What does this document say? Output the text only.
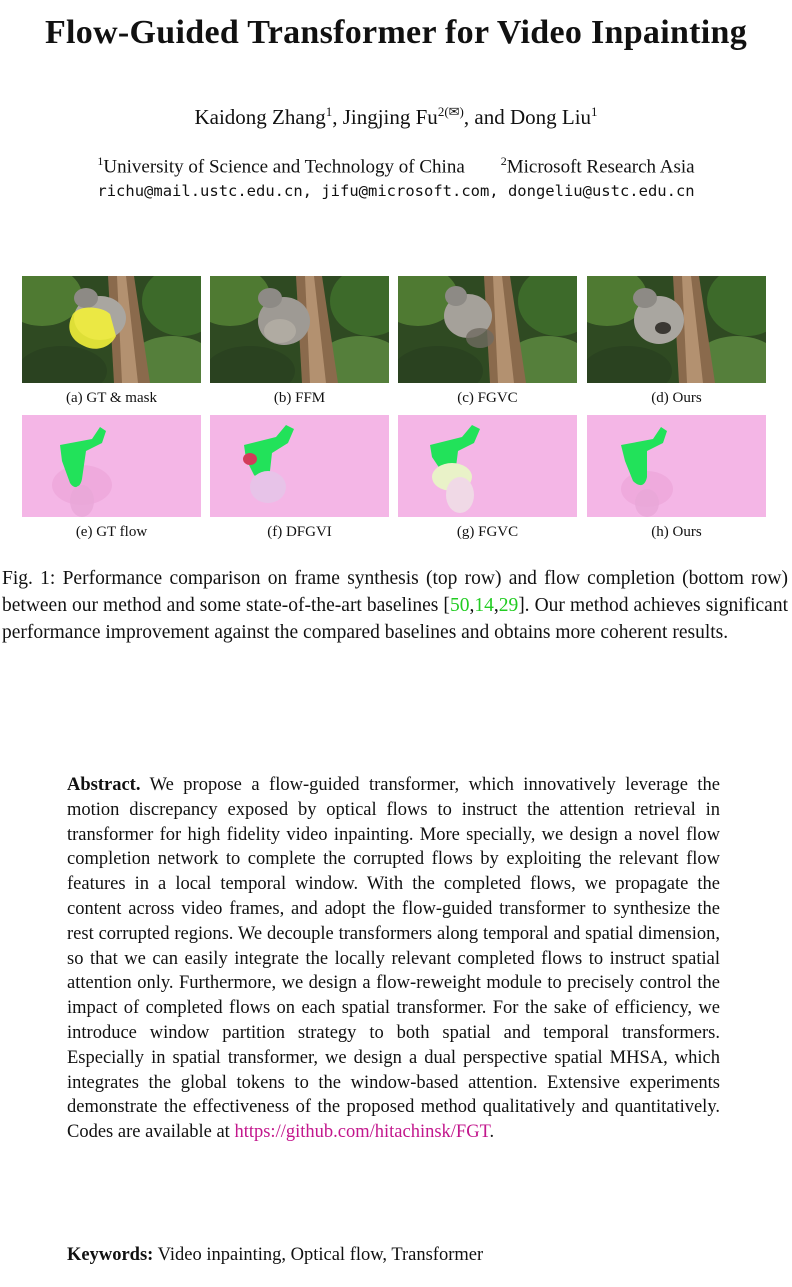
Flow-Guided Transformer for Video Inpainting
Kaidong Zhang$^1$, Jingjing $Fu^{2(✉)}$, and Dong Liu$^1$
$^1$University of Science and Technology of China	$^2$Microsoft Research Asia
richu@mail.ustc.edu.cn, jifu@microsoft.com, dongeliu@ustc.edu.cn
(a) GT & mask	(b) FFM	(c) FGVC	(d) Ours
(e) GT flow	(f) DFGVI	(g) FGVC	(h) Ours
Fig. 1: Performance comparison on frame synthesis (top row) and flow completion (bottom row) between our method and some state-of-the-art baselines [50,14,29]. Our method achieves significant performance improvement against the compared baselines and obtains more coherent results.
Abstract. We propose a flow-guided transformer, which innovatively leverage the motion discrepancy exposed by optical flows to instruct the attention retrieval in transformer for high fidelity video inpainting. More specially, we design a novel flow completion network to complete the corrupted flows by exploiting the relevant flow features in a local temporal window. With the completed flows, we propagate the content across video frames, and adopt the flow-guided transformer to synthesize the rest corrupted regions. We decouple transformers along temporal and spatial dimension, so that we can easily integrate the locally relevant completed flows to instruct spatial attention only. Furthermore, we design a flow-reweight module to precisely control the impact of completed flows on each spatial transformer. For the sake of efficiency, we introduce window partition strategy to both spatial and temporal transformers. Especially in spatial transformer, we design a dual perspective spatial MHSA, which integrates the global tokens to the window-based attention. Extensive experiments demonstrate the effectiveness of the proposed method qualitatively and quantitatively. Codes are available at https://github.com/hitachinsk/FGT.
Keywords: Video inpainting, Optical flow, Transformer
